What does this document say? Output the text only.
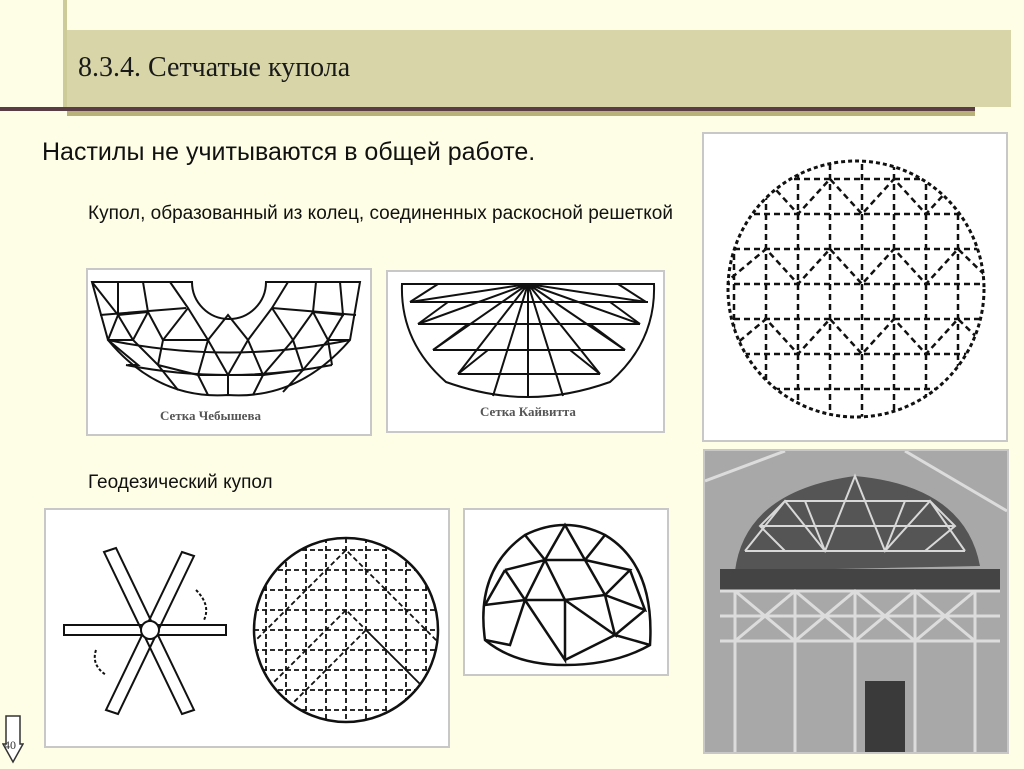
8.3.4. Сетчатые купола

Настилы не учитываются в общей работе.

Купол, образованный из колец, соединенных раскосной решеткой

Геодезический купол

Сетка Чебышева	Сетка Кайвитта
40
